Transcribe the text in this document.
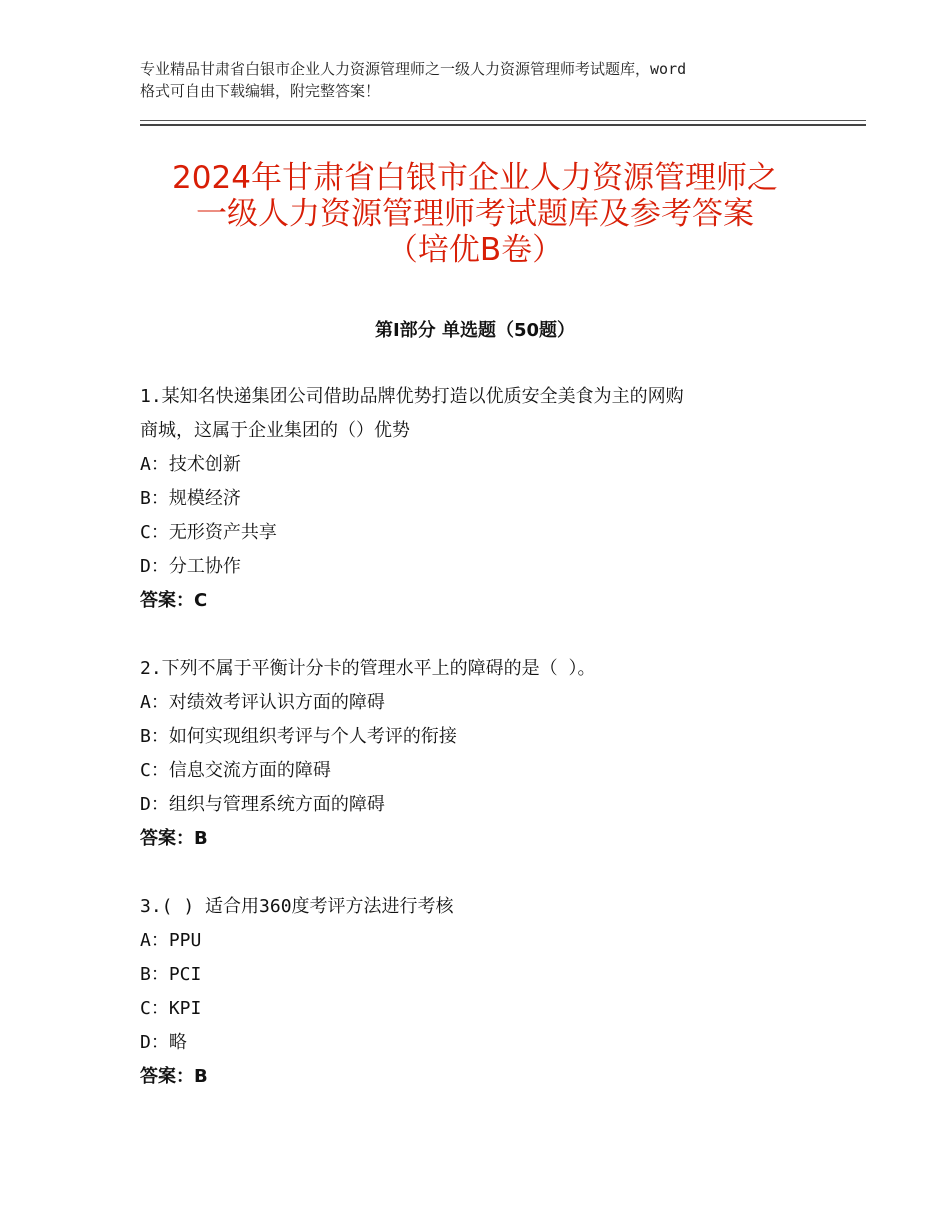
专业精品甘肃省白银市企业人力资源管理师之一级人力资源管理师考试题库，word
格式可自由下载编辑，附完整答案！
2024年甘肃省白银市企业人力资源管理师之
一级人力资源管理师考试题库及参考答案
（培优B卷）
第Ⅰ部分 单选题（50题）
1.某知名快递集团公司借助品牌优势打造以优质安全美食为主的网购
商城，这属于企业集团的（）优势
A：技术创新
B：规模经济
C：无形资产共享
D：分工协作
答案：C
2.下列不属于平衡计分卡的管理水平上的障碍的是（ ）。
A：对绩效考评认识方面的障碍
B：如何实现组织考评与个人考评的衔接
C：信息交流方面的障碍
D：组织与管理系统方面的障碍
答案：B
3.( ) 适合用360度考评方法进行考核
A：PPU
B：PCI
C：KPI
D：略
答案：B
